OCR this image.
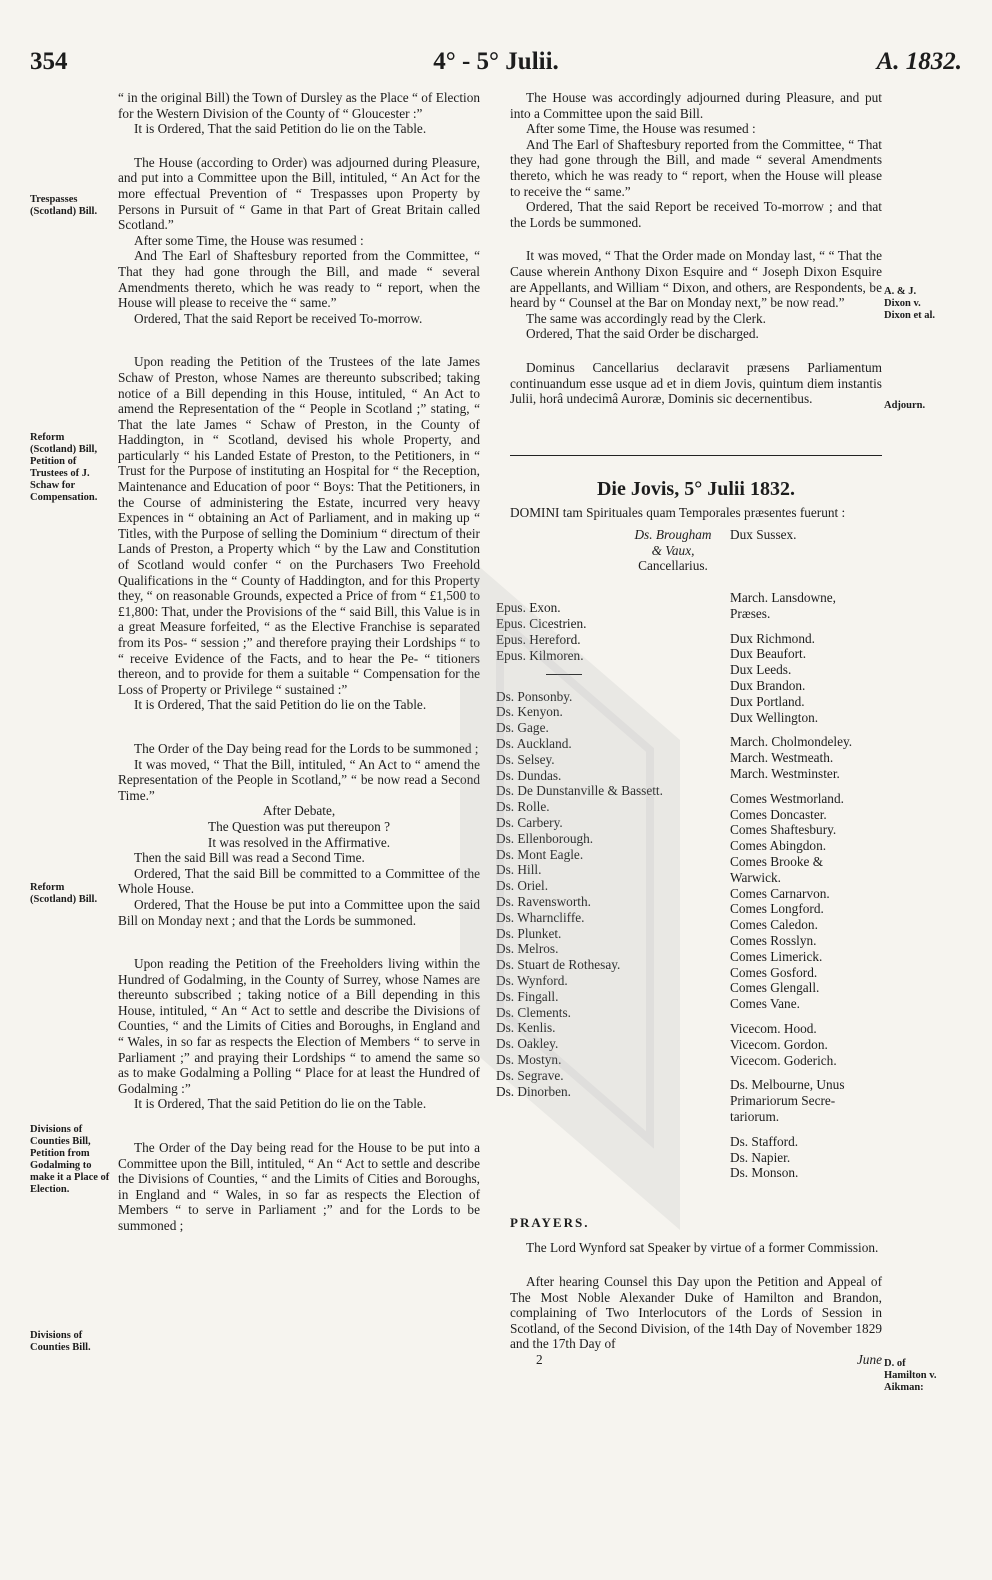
354	4° - 5° Julii.	A. 1832.
Trespasses (Scotland) Bill.
Reform (Scotland) Bill, Petition of Trustees of J. Schaw for Compensation.
Reform (Scotland) Bill.
Divisions of Counties Bill, Petition from Godalming to make it a Place of Election.
Divisions of Counties Bill.
A. & J. Dixon v. Dixon et al.
Adjourn.
D. of Hamilton v. Aikman:

“ in the original Bill) the Town of Dursley as the Place “ of Election for the Western Division of the County of “ Gloucester :”

It is Ordered, That the said Petition do lie on the Table.

The House (according to Order) was adjourned during Pleasure, and put into a Committee upon the Bill, intituled, “ An Act for the more effectual Prevention of “ Trespasses upon Property by Persons in Pursuit of “ Game in that Part of Great Britain called Scotland.”

After some Time, the House was resumed :

And The Earl of Shaftesbury reported from the Committee, “ That they had gone through the Bill, and made “ several Amendments thereto, which he was ready to “ report, when the House will please to receive the “ same.”

Ordered, That the said Report be received To-morrow.

Upon reading the Petition of the Trustees of the late James Schaw of Preston, whose Names are thereunto subscribed; taking notice of a Bill depending in this House, intituled, “ An Act to amend the Representation of the “ People in Scotland ;” stating, “ That the late James “ Schaw of Preston, in the County of Haddington, in “ Scotland, devised his whole Property, and particularly “ his Landed Estate of Preston, to the Petitioners, in “ Trust for the Purpose of instituting an Hospital for “ the Reception, Maintenance and Education of poor “ Boys: That the Petitioners, in the Course of administering the Estate, incurred very heavy Expences in “ obtaining an Act of Parliament, and in making up “ Titles, with the Purpose of selling the Dominium “ directum of their Lands of Preston, a Property which “ by the Law and Constitution of Scotland would confer “ on the Purchasers Two Freehold Qualifications in the “ County of Haddington, and for this Property they, “ on reasonable Grounds, expected a Price of from “ £1,500 to £1,800: That, under the Provisions of the “ said Bill, this Value is in a great Measure forfeited, “ as the Elective Franchise is separated from its Pos- “ session ;” and therefore praying their Lordships “ to “ receive Evidence of the Facts, and to hear the Pe- “ titioners thereon, and to provide for them a suitable “ Compensation for the Loss of Property or Privilege “ sustained :”

It is Ordered, That the said Petition do lie on the Table.

The Order of the Day being read for the Lords to be summoned ;

It was moved, “ That the Bill, intituled, “ An Act to “ amend the Representation of the People in Scotland,” “ be now read a Second Time.”

After Debate,

The Question was put thereupon ?

It was resolved in the Affirmative.

Then the said Bill was read a Second Time.

Ordered, That the said Bill be committed to a Committee of the Whole House.

Ordered, That the House be put into a Committee upon the said Bill on Monday next ; and that the Lords be summoned.

Upon reading the Petition of the Freeholders living within the Hundred of Godalming, in the County of Surrey, whose Names are thereunto subscribed ; taking notice of a Bill depending in this House, intituled, “ An “ Act to settle and describe the Divisions of Counties, “ and the Limits of Cities and Boroughs, in England and “ Wales, in so far as respects the Election of Members “ to serve in Parliament ;” and praying their Lordships “ to amend the same so as to make Godalming a Polling “ Place for at least the Hundred of Godalming :”

It is Ordered, That the said Petition do lie on the Table.

The Order of the Day being read for the House to be put into a Committee upon the Bill, intituled, “ An “ Act to settle and describe the Divisions of Counties, “ and the Limits of Cities and Boroughs, in England and “ Wales, in so far as respects the Election of Members “ to serve in Parliament ;” and for the Lords to be summoned ;

The House was accordingly adjourned during Pleasure, and put into a Committee upon the said Bill.

After some Time, the House was resumed :

And The Earl of Shaftesbury reported from the Committee, “ That they had gone through the Bill, and made “ several Amendments thereto, which he was ready to “ report, when the House will please to receive the “ same.”

Ordered, That the said Report be received To-morrow ; and that the Lords be summoned.

It was moved, “ That the Order made on Monday last, “ “ That the Cause wherein Anthony Dixon Esquire and “ Joseph Dixon Esquire are Appellants, and William “ Dixon, and others, are Respondents, be heard by “ Counsel at the Bar on Monday next,” be now read.”

The same was accordingly read by the Clerk.

Ordered, That the said Order be discharged.

Dominus Cancellarius declaravit præsens Parliamentum continuandum esse usque ad et in diem Jovis, quintum diem instantis Julii, horâ undecimâ Auroræ, Dominis sic decernentibus.

Die Jovis, 5° Julii 1832.

DOMINI tam Spirituales quam Temporales præsentes fuerunt :

Ds. Brougham
& Vaux,
Cancellarius.
Epus. Exon.
Epus. Cicestrien.
Epus. Hereford.
Epus. Kilmoren.
Ds. Ponsonby.
Ds. Kenyon.
Ds. Gage.
Ds. Auckland.
Ds. Selsey.
Ds. Dundas.
Ds. De Dunstanville & Bassett.
Ds. Rolle.
Ds. Carbery.
Ds. Ellenborough.
Ds. Mont Eagle.
Ds. Hill.
Ds. Oriel.
Ds. Ravensworth.
Ds. Wharncliffe.
Ds. Plunket.
Ds. Melros.
Ds. Stuart de Rothesay.
Ds. Wynford.
Ds. Fingall.
Ds. Clements.
Ds. Kenlis.
Ds. Oakley.
Ds. Mostyn.
Ds. Segrave.
Ds. Dinorben.
Dux Sussex.
March. Lansdowne,
Præses.
Dux Richmond.
Dux Beaufort.
Dux Leeds.
Dux Brandon.
Dux Portland.
Dux Wellington.
March. Cholmondeley.
March. Westmeath.
March. Westminster.
Comes Westmorland.
Comes Doncaster.
Comes Shaftesbury.
Comes Abingdon.
Comes Brooke &
Warwick.
Comes Carnarvon.
Comes Longford.
Comes Caledon.
Comes Rosslyn.
Comes Limerick.
Comes Gosford.
Comes Glengall.
Comes Vane.
Vicecom. Hood.
Vicecom. Gordon.
Vicecom. Goderich.
Ds. Melbourne, Unus
Primariorum Secre-
tariorum.
Ds. Stafford.
Ds. Napier.
Ds. Monson.
PRAYERS.

The Lord Wynford sat Speaker by virtue of a former Commission.

After hearing Counsel this Day upon the Petition and Appeal of The Most Noble Alexander Duke of Hamilton and Brandon, complaining of Two Interlocutors of the Lords of Session in Scotland, of the Second Division, of the 14th Day of November 1829 and the 17th Day of

2	June
